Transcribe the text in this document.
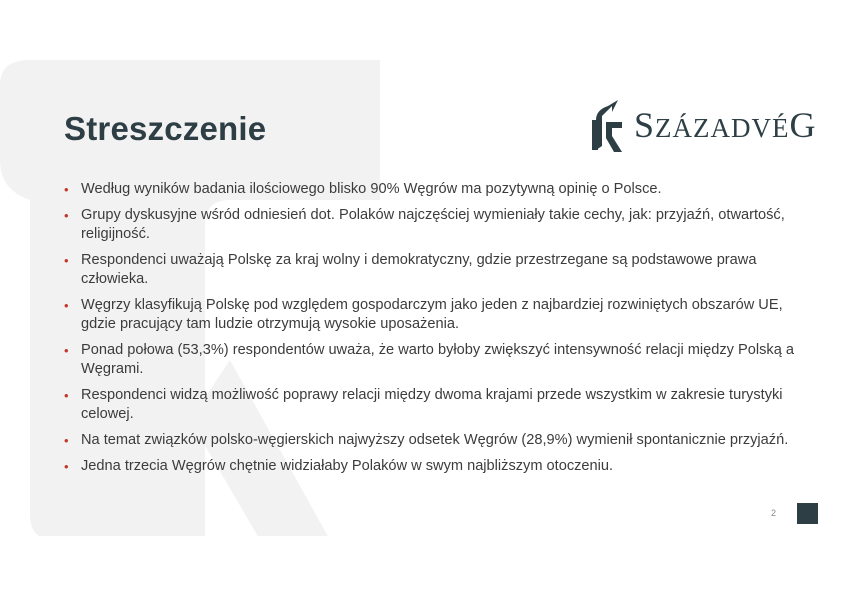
Streszczenie	SZÁZADVÉG
• Według wyników badania ilościowego blisko 90% Węgrów ma pozytywną opinię o Polsce.
• Grupy dyskusyjne wśród odniesień dot. Polaków najczęściej wymieniały takie cechy, jak: przyjaźń, otwartość, religijność.
• Respondenci uważają Polskę za kraj wolny i demokratyczny, gdzie przestrzegane są podstawowe prawa człowieka.
• Węgrzy klasyfikują Polskę pod względem gospodarczym jako jeden z najbardziej rozwiniętych obszarów UE, gdzie pracujący tam ludzie otrzymują wysokie uposażenia.
• Ponad połowa (53,3%) respondentów uważa, że warto byłoby zwiększyć intensywność relacji między Polską a Węgrami.
• Respondenci widzą możliwość poprawy relacji między dwoma krajami przede wszystkim w zakresie turystyki celowej.
• Na temat związków polsko-węgierskich najwyższy odsetek Węgrów (28,9%) wymienił spontanicznie przyjaźń.
• Jedna trzecia Węgrów chętnie widziałaby Polaków w swym najbliższym otoczeniu.
2
